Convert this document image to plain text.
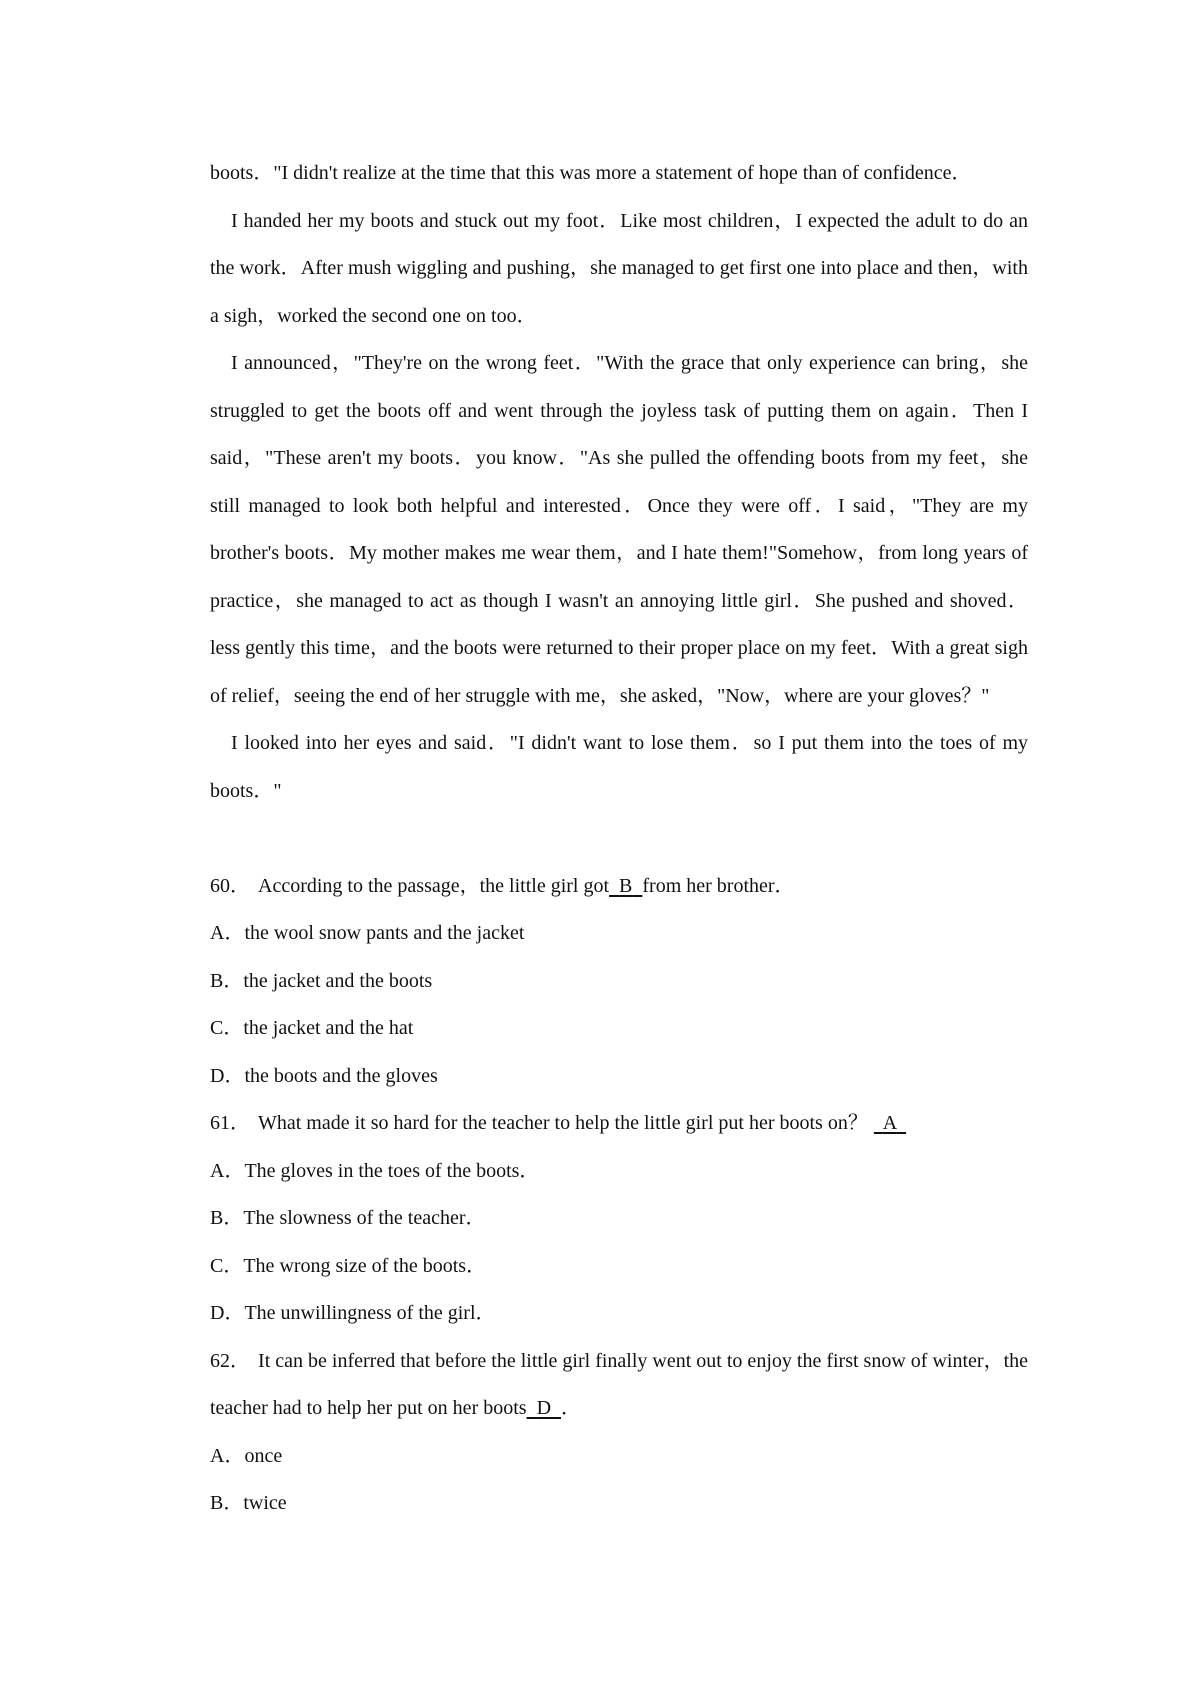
boots．"I didn't realize at the time that this was more a statement of hope than of confidence．

I handed her my boots and stuck out my foot．Like most children，I expected the adult to do an the work．After mush wiggling and pushing，she managed to get first one into place and then，with a sigh，worked the second one on too．

I announced，"They're on the wrong feet．"With the grace that only experience can bring，she struggled to get the boots off and went through the joyless task of putting them on again．Then I said，"These aren't my boots．you know．"As she pulled the offending boots from my feet，she still managed to look both helpful and interested．Once they were off．I said，"They are my brother's boots．My mother makes me wear them，and I hate them!"Somehow，from long years of practice，she managed to act as though I wasn't an annoying little girl．She pushed and shoved．less gently this time，and the boots were returned to their proper place on my feet．With a great sigh of relief，seeing the end of her struggle with me，she asked，"Now，where are your gloves？"

I looked into her eyes and said．"I didn't want to lose them．so I put them into the toes of my boots．"

60． According to the passage，the little girl got B from her brother．

A．the wool snow pants and the jacket

B．the jacket and the boots

C．the jacket and the hat

D．the boots and the gloves

61． What made it so hard for the teacher to help the little girl put her boots on？ A

A．The gloves in the toes of the boots．

B．The slowness of the teacher．

C．The wrong size of the boots．

D．The unwillingness of the girl．

62． It can be inferred that before the little girl finally went out to enjoy the first snow of winter，the teacher had to help her put on her boots D ．

A．once

B．twice
